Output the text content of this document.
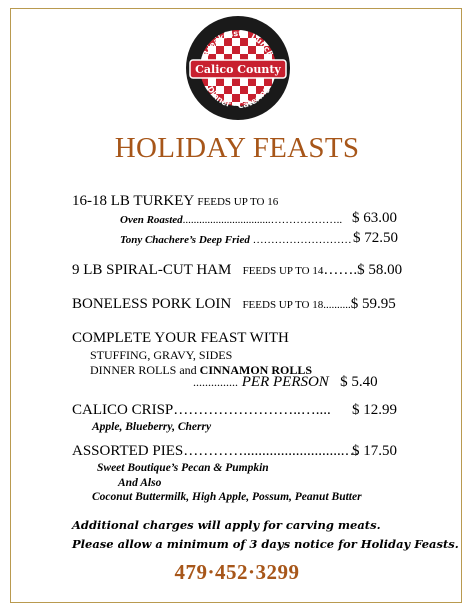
Breakfast · Lunch
Dinner · Catering
Calico County
HOLIDAY FEASTS
16-18 LB TURKEY FEEDS UP TO 16
Oven Roasted................................……………….. $ 63.00
Tony Chachere’s Deep Fried ……………………… $ 72.50
9 LB SPIRAL-CUT HAM FEEDS UP TO 14…….$ 58.00
BONELESS PORK LOIN FEEDS UP TO 18..........$ 59.95
COMPLETE YOUR FEAST WITH
STUFFING, GRAVY, SIDES
DINNER ROLLS and CINNAMON ROLLS
............... PER PERSON $ 5.40
CALICO CRISP……………………..….... $ 12.99
Apple, Blueberry, Cherry
ASSORTED PIES…………...........................…
$ 17.50
Sweet Boutique’s Pecan & Pumpkin
And Also
Coconut Buttermilk, High Apple, Possum, Peanut Butter
Additional charges will apply for carving meats.
Please allow a minimum of 3 days notice for Holiday Feasts.
479·452·3299
